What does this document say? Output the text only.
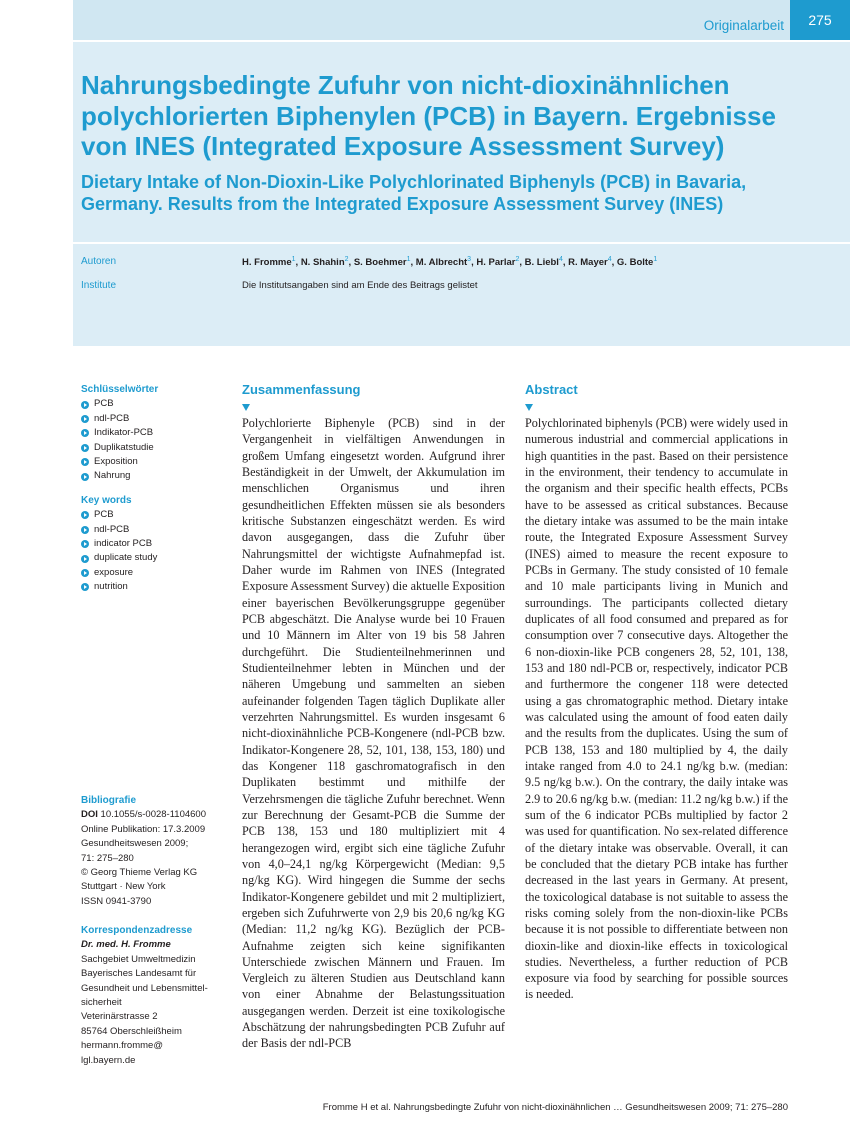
Originalarbeit	275
Nahrungsbedingte Zufuhr von nicht-dioxinähnlichen polychlorierten Biphenylen (PCB) in Bayern. Ergebnisse von INES (Integrated Exposure Assessment Survey)
Dietary Intake of Non-Dioxin-Like Polychlorinated Biphenyls (PCB) in Bavaria, Germany. Results from the Integrated Exposure Assessment Survey (INES)
Autoren	H. Fromme$^1$, N. Shahin$^2$, S. Boehmer$^1$, M. Albrecht$^3$, H. Parlar$^2$, B. Liebl$^4$, R. Mayer$^4$, G. Bolte$^1$
Institute	Die Institutsangaben sind am Ende des Beitrags gelistet
Schlüsselwörter
PCB
ndl-PCB
Indikator-PCB
Duplikatstudie
Exposition
Nahrung
Key words
PCB
ndl-PCB
indicator PCB
duplicate study
exposure
nutrition
Bibliografie
DOI 10.1055/s-0028-1104600
Online Publikation: 17.3.2009
Gesundheitswesen 2009;
71: 275–280
© Georg Thieme Verlag KG
Stuttgart · New York
ISSN 0941-3790
Korrespondenzadresse
Dr. med. H. Fromme
Sachgebiet Umweltmedizin
Bayerisches Landesamt für
Gesundheit und Lebensmittel-
sicherheit
Veterinärstrasse 2
85764 Oberschleißheim
hermann.fromme@
lgl.bayern.de
Zusammenfassung

Polychlorierte Biphenyle (PCB) sind in der Vergangenheit in vielfältigen Anwendungen in großem Umfang eingesetzt worden. Aufgrund ihrer Beständigkeit in der Umwelt, der Akkumulation im menschlichen Organismus und ihren gesundheitlichen Effekten müssen sie als besonders kritische Substanzen eingeschätzt werden. Es wird davon ausgegangen, dass die Zufuhr über Nahrungsmittel der wichtigste Aufnahmepfad ist. Daher wurde im Rahmen von INES (Integrated Exposure Assessment Survey) die aktuelle Exposition einer bayerischen Bevölkerungsgruppe gegenüber PCB abgeschätzt. Die Analyse wurde bei 10 Frauen und 10 Männern im Alter von 19 bis 58 Jahren durchgeführt. Die Studienteilnehmerinnen und Studienteilnehmer lebten in München und der näheren Umgebung und sammelten an sieben aufeinander folgenden Tagen täglich Duplikate aller verzehrten Nahrungsmittel. Es wurden insgesamt 6 nicht-dioxinähnliche PCB-Kongenere (ndl-PCB bzw. Indikator-Kongenere 28, 52, 101, 138, 153, 180) und das Kongener 118 gaschromatografisch in den Duplikaten bestimmt und mithilfe der Verzehrsmengen die tägliche Zufuhr berechnet. Wenn zur Berechnung der Gesamt-PCB die Summe der PCB 138, 153 und 180 multipliziert mit 4 herangezogen wird, ergibt sich eine tägliche Zufuhr von 4,0–24,1 ng/kg Körpergewicht (Median: 9,5 ng/kg KG). Wird hingegen die Summe der sechs Indikator-Kongenere gebildet und mit 2 multipliziert, ergeben sich Zufuhrwerte von 2,9 bis 20,6 ng/kg KG (Median: 11,2 ng/kg KG). Bezüglich der PCB-Aufnahme zeigten sich keine signifikanten Unterschiede zwischen Männern und Frauen. Im Vergleich zu älteren Studien aus Deutschland kann von einer Abnahme der Belastungssituation ausgegangen werden. Derzeit ist eine toxikologische Abschätzung der nahrungsbedingten PCB Zufuhr auf der Basis der ndl-PCB

Abstract

Polychlorinated biphenyls (PCB) were widely used in numerous industrial and commercial applications in high quantities in the past. Based on their persistence in the environment, their tendency to accumulate in the organism and their specific health effects, PCBs have to be assessed as critical substances. Because the dietary intake was assumed to be the main intake route, the Integrated Exposure Assessment Survey (INES) aimed to measure the recent exposure to PCBs in Germany. The study consisted of 10 female and 10 male participants living in Munich and surroundings. The participants collected dietary duplicates of all food consumed and prepared as for consumption over 7 consecutive days. Altogether the 6 non-dioxin-like PCB congeners 28, 52, 101, 138, 153 and 180 ndl-PCB or, respectively, indicator PCB and furthermore the congener 118 were detected using a gas chromatographic method. Dietary intake was calculated using the amount of food eaten daily and the results from the duplicates. Using the sum of PCB 138, 153 and 180 multiplied by 4, the daily intake ranged from 4.0 to 24.1 ng/kg b.w. (median: 9.5 ng/kg b.w.). On the contrary, the daily intake was 2.9 to 20.6 ng/kg b.w. (median: 11.2 ng/kg b.w.) if the sum of the 6 indicator PCBs multiplied by factor 2 was used for quantification. No sex-related difference of the dietary intake was observable. Overall, it can be concluded that the dietary PCB intake has further decreased in the last years in Germany. At present, the toxicological database is not suitable to assess the risks coming solely from the non-dioxin-like PCBs because it is not possible to differentiate between non dioxin-like and dioxin-like effects in toxicological studies. Nevertheless, a further reduction of PCB exposure via food by searching for possible sources is needed.

Fromme H et al. Nahrungsbedingte Zufuhr von nicht-dioxinähnlichen … Gesundheitswesen 2009; 71: 275–280
